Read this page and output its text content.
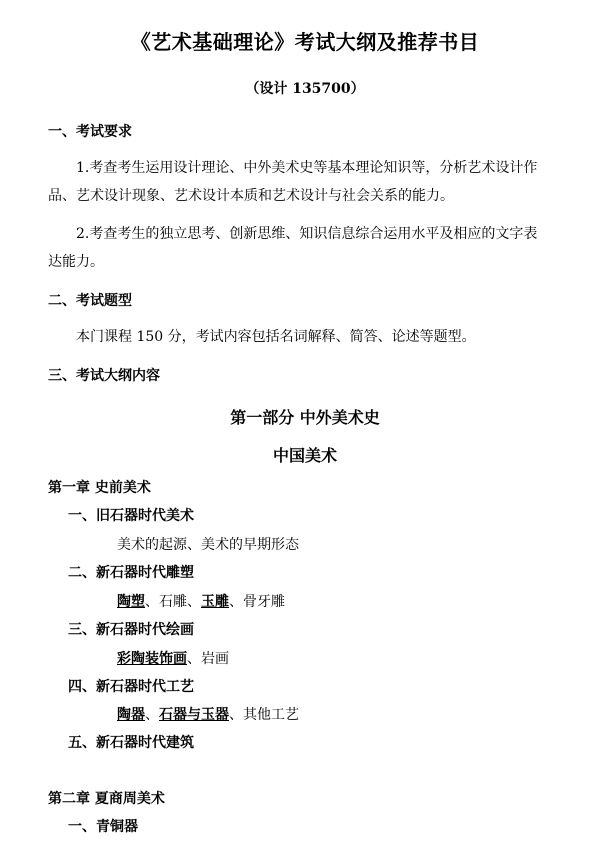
《艺术基础理论》考试大纲及推荐书目
（设计 135700）
一、考试要求
1.考查考生运用设计理论、中外美术史等基本理论知识等，分析艺术设计作
品、艺术设计现象、艺术设计本质和艺术设计与社会关系的能力。
2.考查考生的独立思考、创新思维、知识信息综合运用水平及相应的文字表
达能力。
二、考试题型
本门课程 150 分，考试内容包括名词解释、简答、论述等题型。
三、考试大纲内容
第一部分 中外美术史
中国美术
第一章 史前美术
一、旧石器时代美术
美术的起源、美术的早期形态
二、新石器时代雕塑
陶塑、石雕、玉雕、骨牙雕
三、新石器时代绘画
彩陶装饰画、岩画
四、新石器时代工艺
陶器、石器与玉器、其他工艺
五、新石器时代建筑
第二章 夏商周美术
一、青铜器
